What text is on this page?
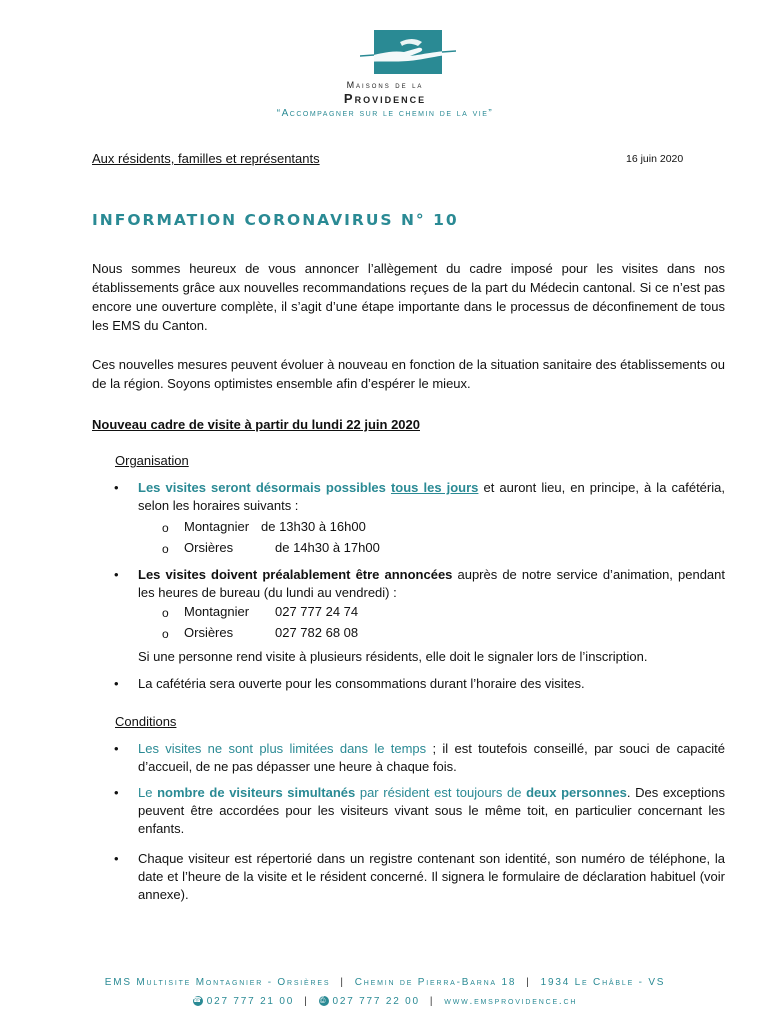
Maisons de la
Providence
“Accompagner sur le chemin de la vie”
Aux résidents, familles et représentants	16 juin 2020
INFORMATION CORONAVIRUS N° 10
Nous sommes heureux de vous annoncer l’allègement du cadre imposé pour les visites dans nos établissements grâce aux nouvelles recommandations reçues de la part du Médecin cantonal. Si ce n’est pas encore une ouverture complète, il s’agit d’une étape importante dans le processus de déconfinement de tous les EMS du Canton.
Ces nouvelles mesures peuvent évoluer à nouveau en fonction de la situation sanitaire des établissements ou de la région. Soyons optimistes ensemble afin d’espérer le mieux.
Nouveau cadre de visite à partir du lundi 22 juin 2020
Organisation
• Les visites seront désormais possibles tous les jours et auront lieu, en principe, à la cafétéria, selon les horaires suivants :
o Montagnier de 13h30 à 16h00
o Orsières	de 14h30 à 17h00
• Les visites doivent préalablement être annoncées auprès de notre service d’animation, pendant les heures de bureau (du lundi au vendredi) :
o Montagnier 027 777 24 74
o Orsières	027 782 68 08
Si une personne rend visite à plusieurs résidents, elle doit le signaler lors de l’inscription.
• La cafétéria sera ouverte pour les consommations durant l’horaire des visites.
Conditions
• Les visites ne sont plus limitées dans le temps ; il est toutefois conseillé, par souci de capacité d’accueil, de ne pas dépasser une heure à chaque fois.
• Le nombre de visiteurs simultanés par résident est toujours de deux personnes. Des exceptions peuvent être accordées pour les visiteurs vivant sous le même toit, en particulier concernant les enfants.
• Chaque visiteur est répertorié dans un registre contenant son identité, son numéro de téléphone, la date et l’heure de la visite et le résident concerné. Il signera le formulaire de déclaration habituel (voir annexe).
EMS Multisite Montagnier - Orsières | Chemin de Pierra-Barna 18 | 1934 Le Châble - VS
☎ 027 777 21 00 | ⎙ 027 777 22 00 | www.emsprovidence.ch
